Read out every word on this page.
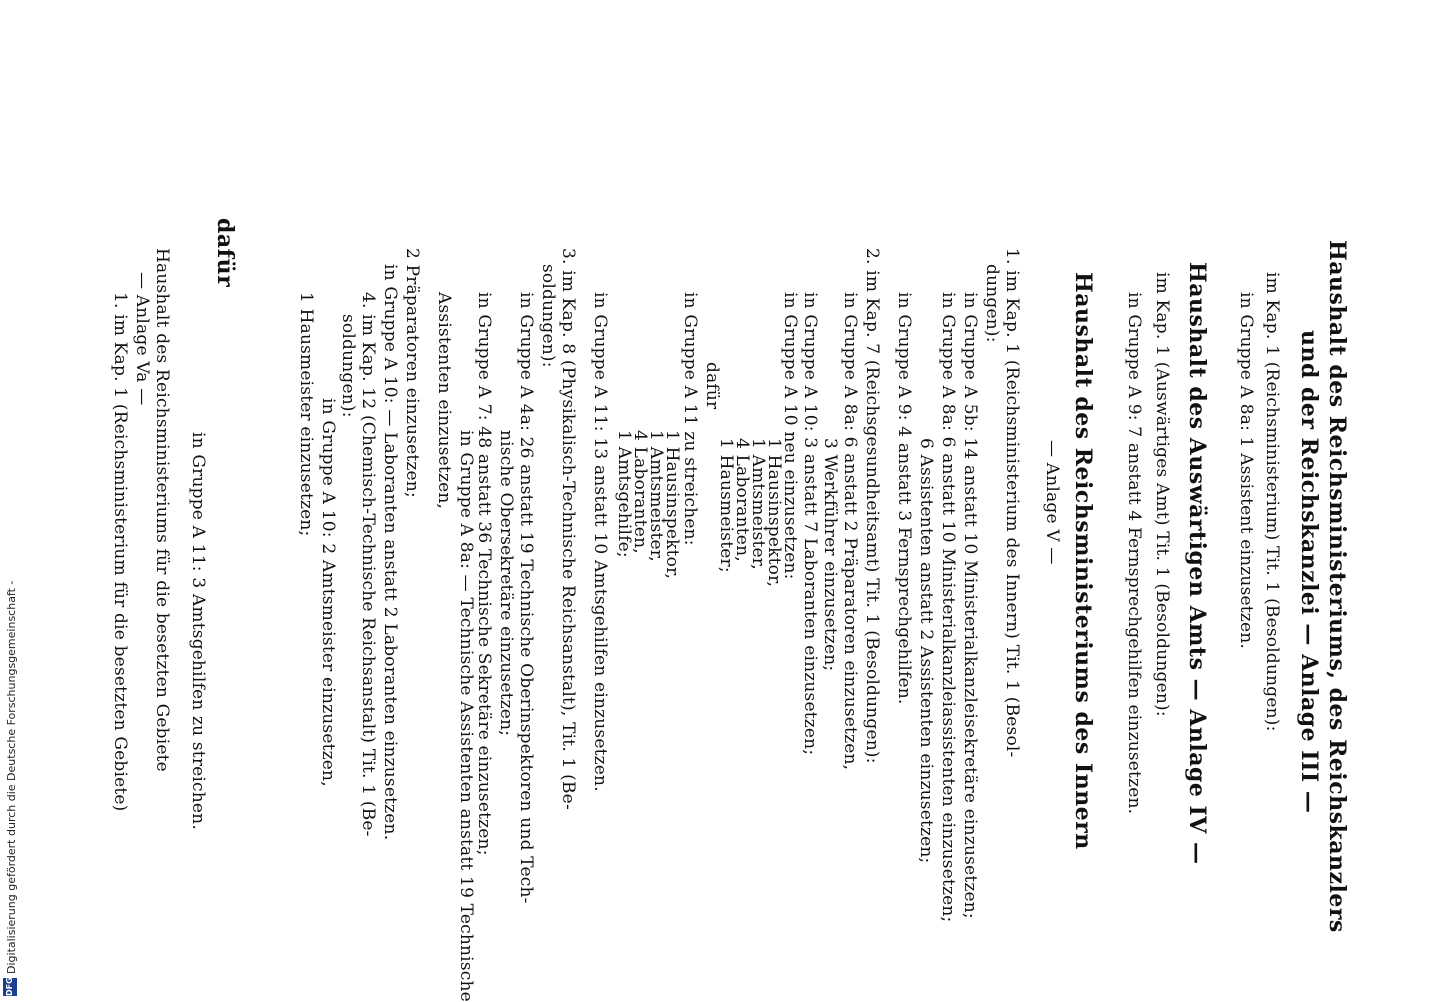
Haushalt des Reichsministeriums, des Reichskanzlers
und der Reichskanzlei — Anlage III —
im Kap. 1 (Reichsministerium) Tit. 1 (Besoldungen):
in Gruppe A 8a: 1 Assistent einzusetzen.
Haushalt des Auswärtigen Amts — Anlage IV —
im Kap. 1 (Auswärtiges Amt) Tit. 1 (Besoldungen):
in Gruppe A 9: 7 anstatt 4 Fernsprechgehilfen einzusetzen.
Haushalt des Reichsministeriums des Innern
— Anlage V —
1. im Kap. 1 (Reichsministerium des Innern) Tit. 1 (Besol-
dungen):
in Gruppe A 5b: 14 anstatt 10 Ministerialkanzleisekretäre einzusetzen;
in Gruppe A 8a: 6 anstatt 10 Ministerialkanzleiassistenten einzusetzen;
6 Assistenten anstatt 2 Assistenten einzusetzen;
in Gruppe A 9: 4 anstatt 3 Fernsprechgehilfen.
2. im Kap. 7 (Reichsgesundheitsamt) Tit. 1 (Besoldungen):
in Gruppe A 8a: 6 anstatt 2 Präparatoren einzusetzen,
3 Werkführer einzusetzen;
in Gruppe A 10: 3 anstatt 7 Laboranten einzusetzen;
in Gruppe A 10 neu einzusetzen:
1 Hausinspektor,
1 Amtsmeister,
4 Laboranten,
1 Hausmeister;
dafür
in Gruppe A 11 zu streichen:
1 Hausinspektor,
1 Amtsmeister,
4 Laboranten,
1 Amtsgehilfe;
in Gruppe A 11: 13 anstatt 10 Amtsgehilfen einzusetzen.
3. im Kap. 8 (Physikalisch-Technische Reichsanstalt), Tit. 1 (Be-
soldungen):
in Gruppe A 4a: 26 anstatt 19 Technische Oberinspektoren und Tech-
nische Obersekretäre einzusetzen;
in Gruppe A 7: 48 anstatt 36 Technische Sekretäre einzusetzen;
in Gruppe A 8a: — Technische Assistenten anstatt 19 Technische
Assistenten einzusetzen,
2 Präparatoren einzusetzen;
in Gruppe A 10: — Laboranten anstatt 2 Laboranten einzusetzen.
4. im Kap. 12 (Chemisch-Technische Reichsanstalt) Tit. 1 (Be-
soldungen):
in Gruppe A 10: 2 Amtsmeister einzusetzen,
1 Hausmeister einzusetzen;
dafür
in Gruppe A 11: 3 Amtsgehilfen zu streichen.
Haushalt des Reichsministeriums für die besetzten Gebiete
— Anlage Va —
1. im Kap. 1 (Reichsministerium für die besetzten Gebiete)
DFG
Digitalisierung gefördert durch die Deutsche Forschungsgemeinschaft -
